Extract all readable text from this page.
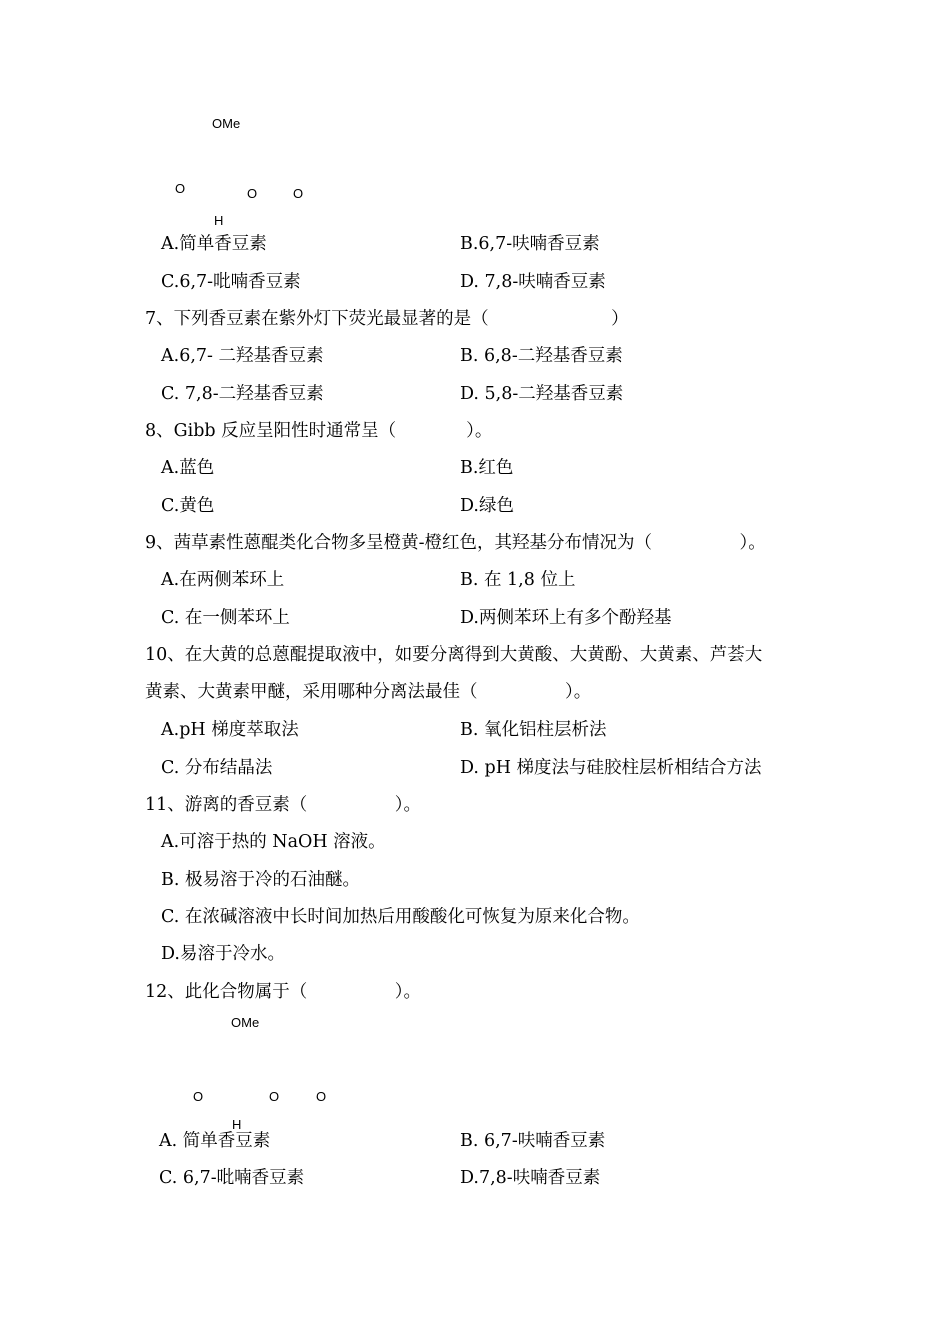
OMe
O	O	O
H
A.简单香豆素	B.6,7-呋喃香豆素
C.6,7-吡喃香豆素	D. 7,8-呋喃香豆素
7、下列香豆素在紫外灯下荧光最显著的是（　　　　　　　）
A.6,7- 二羟基香豆素	B. 6,8-二羟基香豆素
C. 7,8-二羟基香豆素	D. 5,8-二羟基香豆素
8、Gibb 反应呈阳性时通常呈（　　　　）。
A.蓝色	B.红色
C.黄色	D.绿色
9、茜草素性蒽醌类化合物多呈橙黄-橙红色，其羟基分布情况为（　　　　　）。
A.在两侧苯环上	B. 在 1,8 位上
C. 在一侧苯环上	D.两侧苯环上有多个酚羟基
10、在大黄的总蒽醌提取液中，如要分离得到大黄酸、大黄酚、大黄素、芦荟大
黄素、大黄素甲醚，采用哪种分离法最佳（　　　　　）。
A.pH 梯度萃取法	B. 氧化铝柱层析法
C. 分布结晶法	D. pH 梯度法与硅胶柱层析相结合方法
11、游离的香豆素（　　　　　）。
A.可溶于热的 NaOH 溶液。
B. 极易溶于冷的石油醚。
C. 在浓碱溶液中长时间加热后用酸酸化可恢复为原来化合物。
D.易溶于冷水。
12、此化合物属于（　　　　　）。
OMe
O	O	O
H
A. 简单香豆素	B. 6,7-呋喃香豆素
C. 6,7-吡喃香豆素	D.7,8-呋喃香豆素
